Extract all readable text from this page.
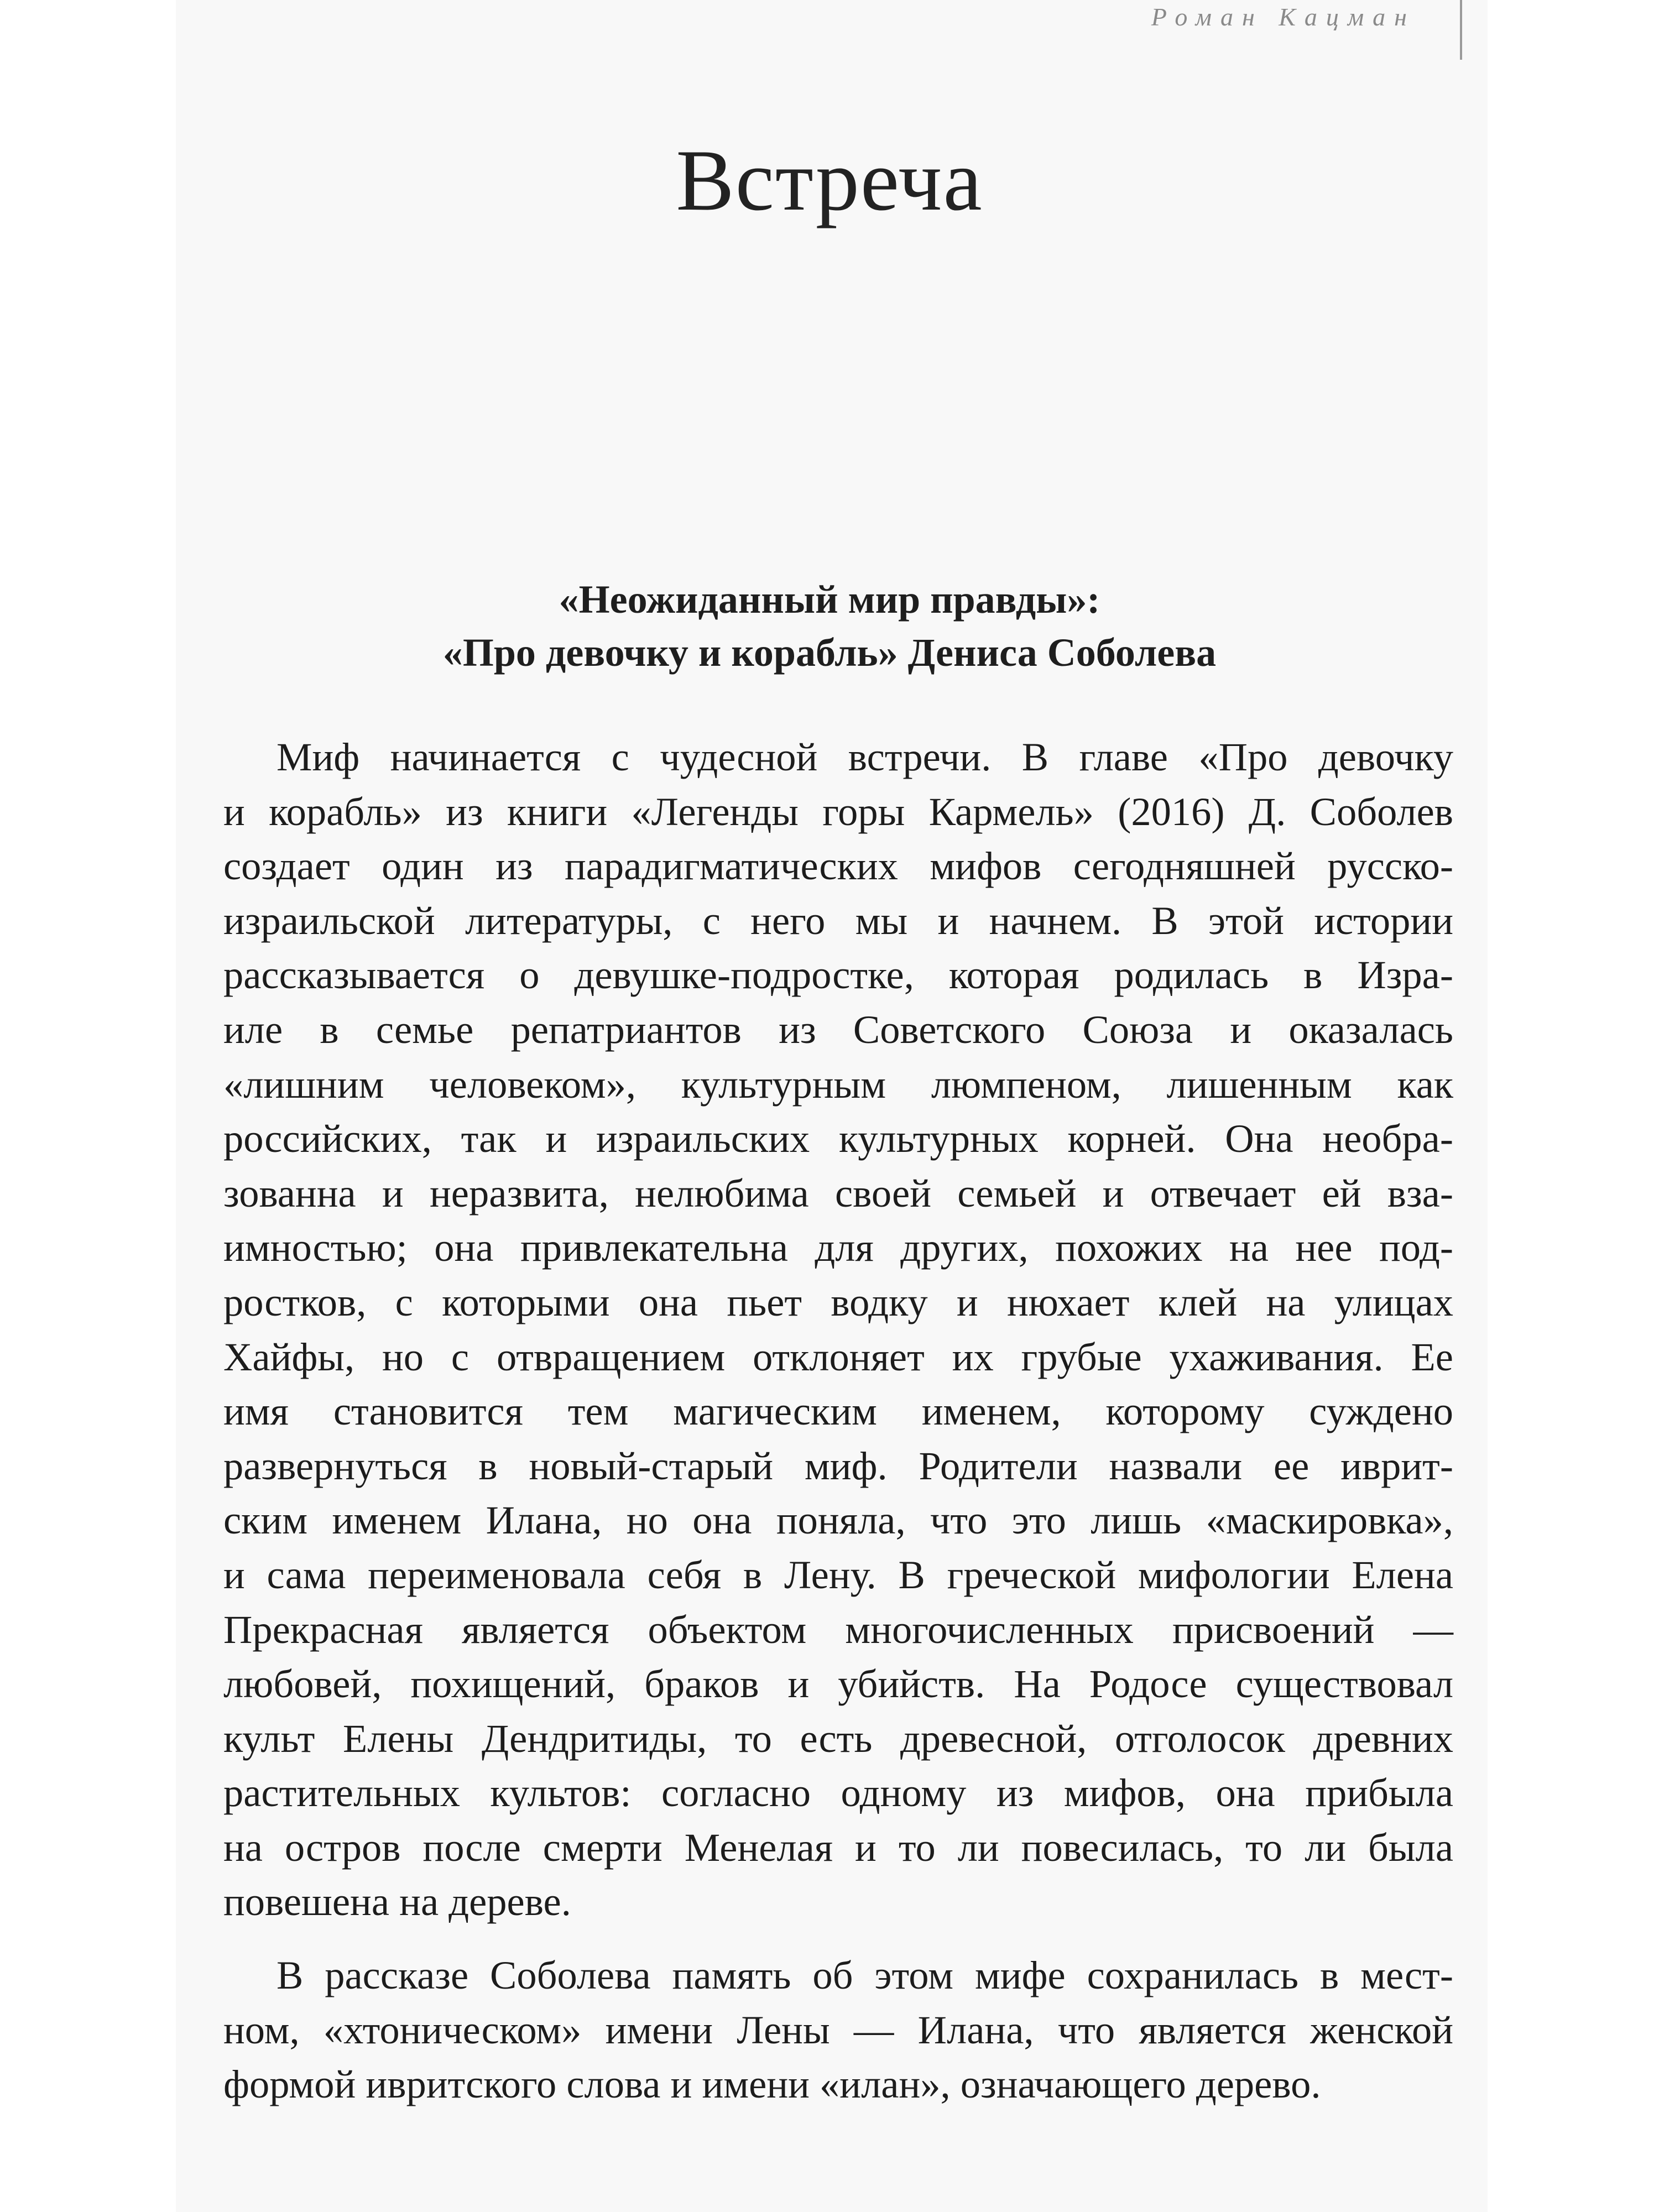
Роман Кацман
Встреча
«Неожиданный мир правды»:
«Про девочку и корабль» Дениса Соболева
Миф начинается с чудесной встречи. В главе «Про девочку
и корабль» из книги «Легенды горы Кармель» (2016) Д. Соболев
создает один из парадигматических мифов сегодняшней русско-
израильской литературы, с него мы и начнем. В этой истории
рассказывается о девушке-подростке, которая родилась в Изра-
иле в семье репатриантов из Советского Союза и оказалась
«лишним человеком», культурным люмпеном, лишенным как
российских, так и израильских культурных корней. Она необра-
зованна и неразвита, нелюбима своей семьей и отвечает ей вза-
имностью; она привлекательна для других, похожих на нее под-
ростков, с которыми она пьет водку и нюхает клей на улицах
Хайфы, но с отвращением отклоняет их грубые ухаживания. Ее
имя становится тем магическим именем, которому суждено
развернуться в новый-старый миф. Родители назвали ее иврит-
ским именем Илана, но она поняла, что это лишь «маскировка»,
и сама переименовала себя в Лену. В греческой мифологии Елена
Прекрасная является объектом многочисленных присвоений —
любовей, похищений, браков и убийств. На Родосе существовал
культ Елены Дендритиды, то есть древесной, отголосок древних
растительных культов: согласно одному из мифов, она прибыла
на остров после смерти Менелая и то ли повесилась, то ли была
повешена на дереве.
В рассказе Соболева память об этом мифе сохранилась в мест-
ном, «хтоническом» имени Лены — Илана, что является женской
формой ивритского слова и имени «илан», означающего дерево.
